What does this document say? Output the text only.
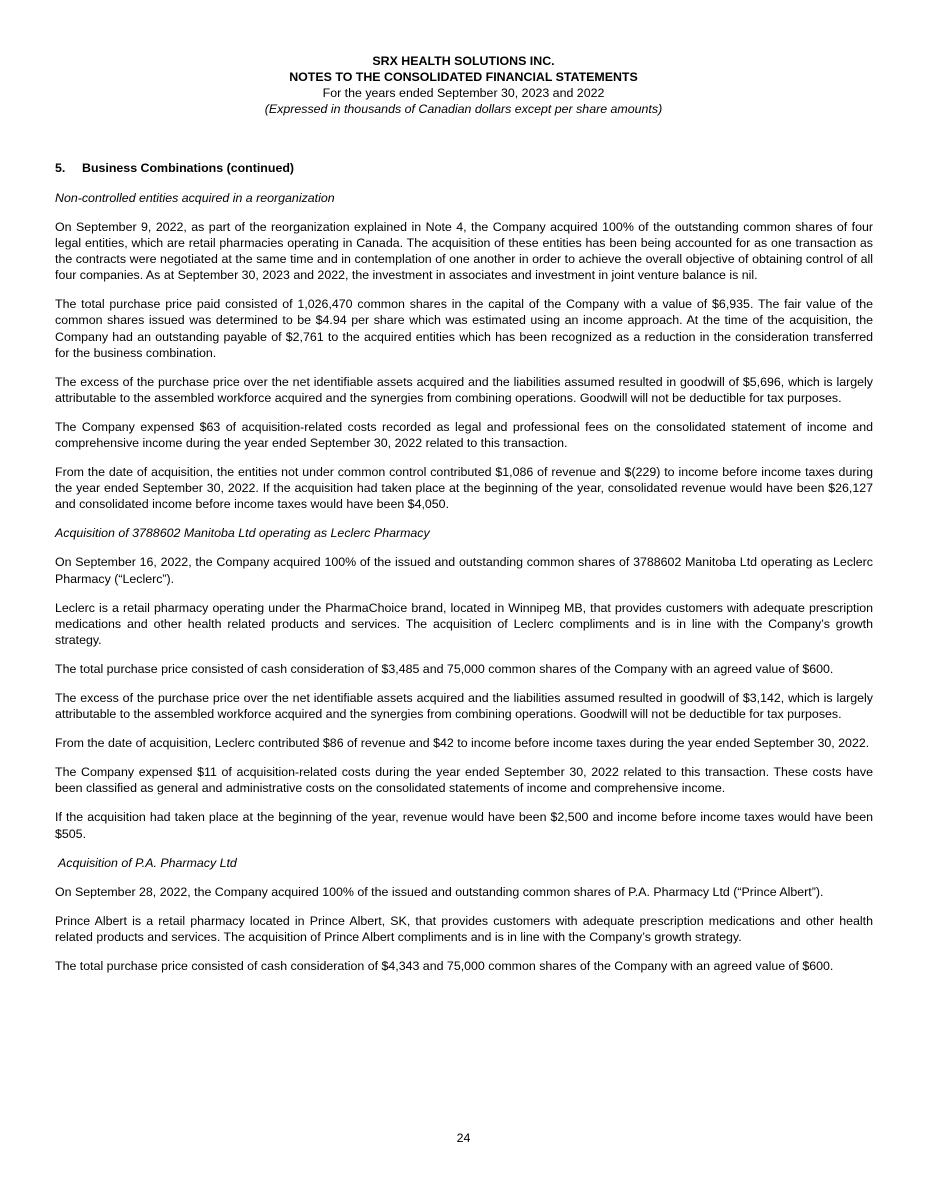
SRX HEALTH SOLUTIONS INC.
NOTES TO THE CONSOLIDATED FINANCIAL STATEMENTS
For the years ended September 30, 2023 and 2022
(Expressed in thousands of Canadian dollars except per share amounts)
5. Business Combinations (continued)
Non-controlled entities acquired in a reorganization

On September 9, 2022, as part of the reorganization explained in Note 4, the Company acquired 100% of the outstanding common shares of four legal entities, which are retail pharmacies operating in Canada. The acquisition of these entities has been being accounted for as one transaction as the contracts were negotiated at the same time and in contemplation of one another in order to achieve the overall objective of obtaining control of all four companies. As at September 30, 2023 and 2022, the investment in associates and investment in joint venture balance is nil.

The total purchase price paid consisted of 1,026,470 common shares in the capital of the Company with a value of $6,935. The fair value of the common shares issued was determined to be $4.94 per share which was estimated using an income approach. At the time of the acquisition, the Company had an outstanding payable of $2,761 to the acquired entities which has been recognized as a reduction in the consideration transferred for the business combination.

The excess of the purchase price over the net identifiable assets acquired and the liabilities assumed resulted in goodwill of $5,696, which is largely attributable to the assembled workforce acquired and the synergies from combining operations. Goodwill will not be deductible for tax purposes.

The Company expensed $63 of acquisition-related costs recorded as legal and professional fees on the consolidated statement of income and comprehensive income during the year ended September 30, 2022 related to this transaction.

From the date of acquisition, the entities not under common control contributed $1,086 of revenue and $(229) to income before income taxes during the year ended September 30, 2022. If the acquisition had taken place at the beginning of the year, consolidated revenue would have been $26,127 and consolidated income before income taxes would have been $4,050.

Acquisition of 3788602 Manitoba Ltd operating as Leclerc Pharmacy

On September 16, 2022, the Company acquired 100% of the issued and outstanding common shares of 3788602 Manitoba Ltd operating as Leclerc Pharmacy (“Leclerc”).

Leclerc is a retail pharmacy operating under the PharmaChoice brand, located in Winnipeg MB, that provides customers with adequate prescription medications and other health related products and services. The acquisition of Leclerc compliments and is in line with the Company’s growth strategy.

The total purchase price consisted of cash consideration of $3,485 and 75,000 common shares of the Company with an agreed value of $600.

The excess of the purchase price over the net identifiable assets acquired and the liabilities assumed resulted in goodwill of $3,142, which is largely attributable to the assembled workforce acquired and the synergies from combining operations. Goodwill will not be deductible for tax purposes.

From the date of acquisition, Leclerc contributed $86 of revenue and $42 to income before income taxes during the year ended September 30, 2022.

The Company expensed $11 of acquisition-related costs during the year ended September 30, 2022 related to this transaction. These costs have been classified as general and administrative costs on the consolidated statements of income and comprehensive income.

If the acquisition had taken place at the beginning of the year, revenue would have been $2,500 and income before income taxes would have been $505.

Acquisition of P.A. Pharmacy Ltd

On September 28, 2022, the Company acquired 100% of the issued and outstanding common shares of P.A. Pharmacy Ltd (“Prince Albert”).

Prince Albert is a retail pharmacy located in Prince Albert, SK, that provides customers with adequate prescription medications and other health related products and services. The acquisition of Prince Albert compliments and is in line with the Company’s growth strategy.

The total purchase price consisted of cash consideration of $4,343 and 75,000 common shares of the Company with an agreed value of $600.

24
